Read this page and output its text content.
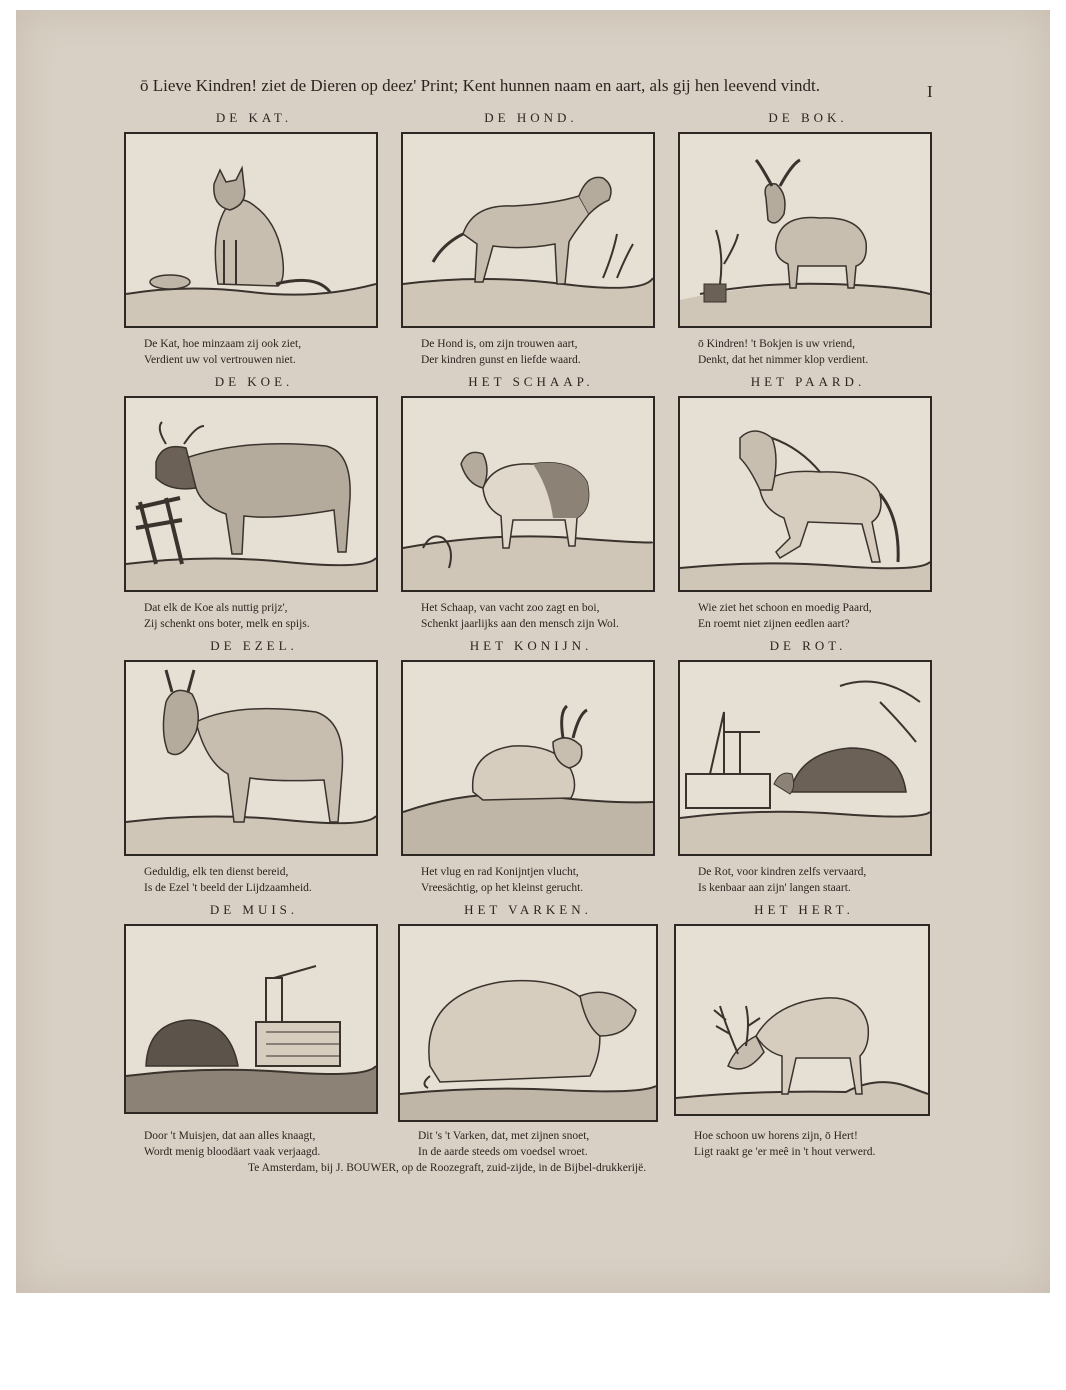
ō Lieve Kindren! ziet de Dieren op deez' Print; Kent hunnen naam en aart, als gij hen leevend vindt.	I
DE KAT.
De Kat, hoe minzaam zij ook ziet,
Verdient uw vol vertrouwen niet.
DE HOND.
De Hond is, om zijn trouwen aart,
Der kindren gunst en liefde waard.
DE BOK.
ō Kindren! 't Bokjen is uw vriend,
Denkt, dat het nimmer klop verdient.
DE KOE.
Dat elk de Koe als nuttig prijz',
Zij schenkt ons boter, melk en spijs.
HET SCHAAP.
Het Schaap, van vacht zoo zagt en boi,
Schenkt jaarlijks aan den mensch zijn Wol.
HET PAARD.
Wie ziet het schoon en moedig Paard,
En roemt niet zijnen eedlen aart?
DE EZEL.
Geduldig, elk ten dienst bereid,
Is de Ezel 't beeld der Lijdzaamheid.
HET KONIJN.
Het vlug en rad Konijntjen vlucht,
Vreesächtig, op het kleinst gerucht.
DE ROT.
De Rot, voor kindren zelfs vervaard,
Is kenbaar aan zijn' langen staart.
DE MUIS.
Door 't Muisjen, dat aan alles knaagt,
Wordt menig bloodäart vaak verjaagd.
HET VARKEN.
Dit 's 't Varken, dat, met zijnen snoet,
In de aarde steeds om voedsel wroet.
HET HERT.
Hoe schoon uw horens zijn, ō Hert!
Ligt raakt ge 'er meê in 't hout verwerd.
Te Amsterdam, bij J. BOUWER, op de Roozegraft, zuid-zijde, in de Bijbel-drukkerijë.
